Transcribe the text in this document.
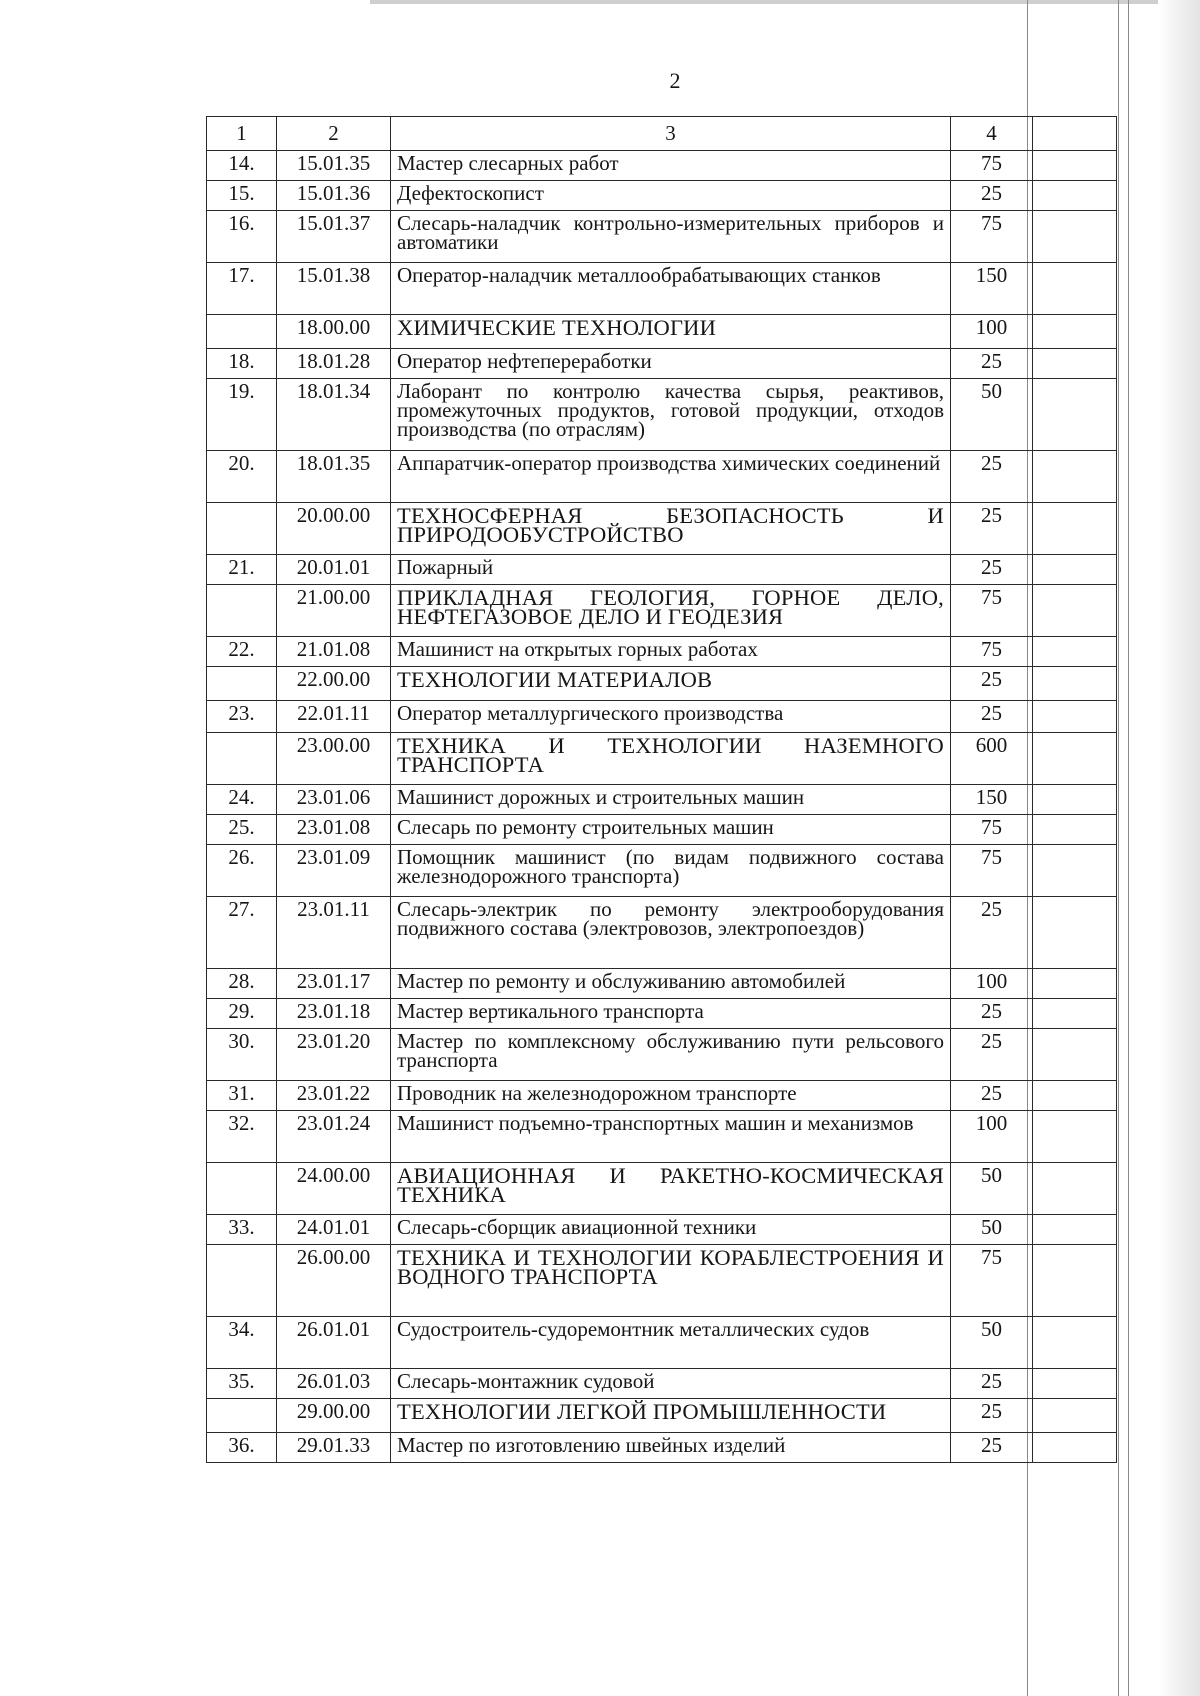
2
1	2	3	4	
14.	15.01.35	Мастер слесарных работ	75	
15.	15.01.36	Дефектоскопист	25	
16.	15.01.37	Слесарь-наладчик контрольно-измерительных приборов и автоматики	75	
17.	15.01.38	Оператор-наладчик металлообрабатывающих станков	150	
	18.00.00	ХИМИЧЕСКИЕ ТЕХНОЛОГИИ	100	
18.	18.01.28	Оператор нефтепереработки	25	
19.	18.01.34	Лаборант по контролю качества сырья, реактивов, промежуточных продуктов, готовой продукции, отходов производства (по отраслям)	50	
20.	18.01.35	Аппаратчик-оператор производства химических соединений	25	
	20.00.00	ТЕХНОСФЕРНАЯ БЕЗОПАСНОСТЬ И ПРИРОДООБУСТРОЙСТВО	25	
21.	20.01.01	Пожарный	25	
	21.00.00	ПРИКЛАДНАЯ ГЕОЛОГИЯ, ГОРНОЕ ДЕЛО, НЕФТЕГАЗОВОЕ ДЕЛО И ГЕОДЕЗИЯ	75	
22.	21.01.08	Машинист на открытых горных работах	75	
	22.00.00	ТЕХНОЛОГИИ МАТЕРИАЛОВ	25	
23.	22.01.11	Оператор металлургического производства	25	
	23.00.00	ТЕХНИКА И ТЕХНОЛОГИИ НАЗЕМНОГО ТРАНСПОРТА	600	
24.	23.01.06	Машинист дорожных и строительных машин	150	
25.	23.01.08	Слесарь по ремонту строительных машин	75	
26.	23.01.09	Помощник машинист (по видам подвижного состава железнодорожного транспорта)	75	
27.	23.01.11	Слесарь-электрик по ремонту электрооборудования подвижного состава (электровозов, электропоездов)	25	
28.	23.01.17	Мастер по ремонту и обслуживанию автомобилей	100	
29.	23.01.18	Мастер вертикального транспорта	25	
30.	23.01.20	Мастер по комплексному обслуживанию пути рельсового транспорта	25	
31.	23.01.22	Проводник на железнодорожном транспорте	25	
32.	23.01.24	Машинист подъемно-транспортных машин и механизмов	100	
	24.00.00	АВИАЦИОННАЯ И РАКЕТНО-КОСМИЧЕСКАЯ ТЕХНИКА	50	
33.	24.01.01	Слесарь-сборщик авиационной техники	50	
	26.00.00	ТЕХНИКА И ТЕХНОЛОГИИ КОРАБЛЕСТРОЕНИЯ И ВОДНОГО ТРАНСПОРТА	75	
34.	26.01.01	Судостроитель-судоремонтник металлических судов	50	
35.	26.01.03	Слесарь-монтажник судовой	25	
	29.00.00	ТЕХНОЛОГИИ ЛЕГКОЙ ПРОМЫШЛЕННОСТИ	25	
36.	29.01.33	Мастер по изготовлению швейных изделий	25	
